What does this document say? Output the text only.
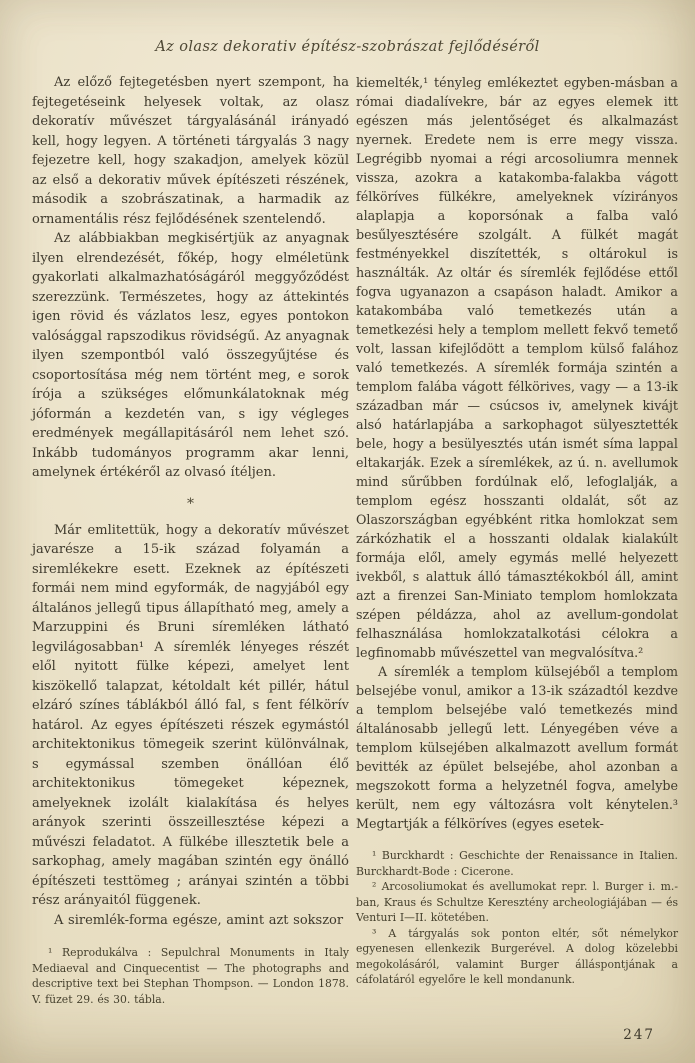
Az olasz dekorativ építész-szobrászat fejlődéséről

Az előző fejtegetésben nyert szempont, ha fejtegetéseink helyesek voltak, az olasz dekoratív művészet tárgyalásánál irányadó kell, hogy legyen. A történeti tárgyalás 3 nagy fejezetre kell, hogy szakadjon, amelyek közül az első a dekorativ művek építészeti részének, második a szobrászatinak, a harmadik az ornamentális rész fejlődésének szentelendő.

Az alábbiakban megkisértjük az anyagnak ilyen elrendezését, főkép, hogy elméletünk gyakorlati alkalmazhatóságáról meggyőződést szerezzünk. Természetes, hogy az áttekintés igen rövid és vázlatos lesz, egyes pontokon valósággal rapszodikus rövidségű. Az anyagnak ilyen szempontból való összegyűjtése és csoportosítása még nem történt meg, e sorok írója a szükséges előmunkálatoknak még jóformán a kezdetén van, s igy végleges eredmények megállapitásáról nem lehet szó. Inkább tudományos programm akar lenni, amelynek értékéről az olvasó ítéljen.

*

Már emlitettük, hogy a dekoratív művészet javarésze a 15-ik század folyamán a siremlékekre esett. Ezeknek az építészeti formái nem mind egyformák, de nagyjából egy általános jellegű tipus állapítható meg, amely a Marzuppini és Bruni síremléken látható legvilágosabban¹ A síremlék lényeges részét elől nyitott fülke képezi, amelyet lent kiszökellő talapzat, kétoldalt két pillér, hátul elzáró színes táblákból álló fal, s fent félkörív határol. Az egyes építészeti részek egymástól architektonikus tömegeik szerint különválnak, s egymással szemben önállóan élő architektonikus tömegeket képeznek, amelyeknek izolált kialakítása és helyes arányok szerinti összeillesztése képezi a művészi feladatot. A fülkébe illesztetik bele a sarkophag, amely magában szintén egy önálló építészeti testtömeg ; arányai szintén a többi rész arányaitól függenek.

A siremlék-forma egésze, amint azt sokszor

¹ Reprodukálva : Sepulchral Monuments in Italy Mediaeval and Cinquecentist — The photographs and descriptive text bei Stephan Thompson. — London 1878. V. füzet 29. és 30. tábla.

kiemelték,¹ tényleg emlékeztet egyben-másban a római diadalívekre, bár az egyes elemek itt egészen más jelentőséget és alkalmazást nyernek. Eredete nem is erre megy vissza. Legrégibb nyomai a régi arcosoliumra mennek vissza, azokra a katakomba-falakba vágott félköríves fülkékre, amelyeknek vízirányos alaplapja a koporsónak a falba való besűlyesztésére szolgált. A fülkét magát festményekkel diszítették, s oltárokul is használták. Az oltár és síremlék fejlődése ettől fogva ugyanazon a csapáson haladt. Amikor a katakombába való temetkezés után a temetkezési hely a templom mellett fekvő temető volt, lassan kifejlődött a templom külső falához való temetkezés. A síremlék formája szintén a templom falába vágott félkörives, vagy — a 13-ik században már — csúcsos iv, amelynek kivájt alsó határlapjába a sarkophagot sülyesztették bele, hogy a besülyesztés után ismét síma lappal eltakarják. Ezek a síremlékek, az ú. n. avellumok mind sűrűbben fordúlnak elő, lefoglalják, a templom egész hosszanti oldalát, sőt az Olaszországban egyébként ritka homlokzat sem zárkózhatik el a hosszanti oldalak kialakúlt formája elől, amely egymás mellé helyezett ivekből, s alattuk álló támasztékokból áll, amint azt a firenzei San-Miniato templom homlokzata szépen példázza, ahol az avellum-gondolat felhasználása homlokzatalkotási célokra a legfinomabb művészettel van megvalósítva.²

A síremlék a templom külsejéből a templom belsejébe vonul, amikor a 13-ik századtól kezdve a templom belsejébe való temetkezés mind általánosabb jellegű lett. Lényegében véve a templom külsejében alkalmazott avellum formát bevitték az épület belsejébe, ahol azonban a megszokott forma a helyzetnél fogva, amelybe került, nem egy változásra volt kénytelen.³ Megtartják a félköríves (egyes esetek-

¹ Burckhardt : Geschichte der Renaissance in Italien. Burckhardt-Bode : Cicerone.

² Arcosoliumokat és avellumokat repr. l. Burger i. m.-ban, Kraus és Schultze Keresztény archeologiájában — és Venturi I—II. kötetében.

³ A tárgyalás sok ponton eltér, sőt némelykor egyenesen ellenkezik Burgerével. A dolog közelebbi megokolásáról, valamint Burger álláspontjának a cáfolatáról egyelőre le kell mondanunk.

247
